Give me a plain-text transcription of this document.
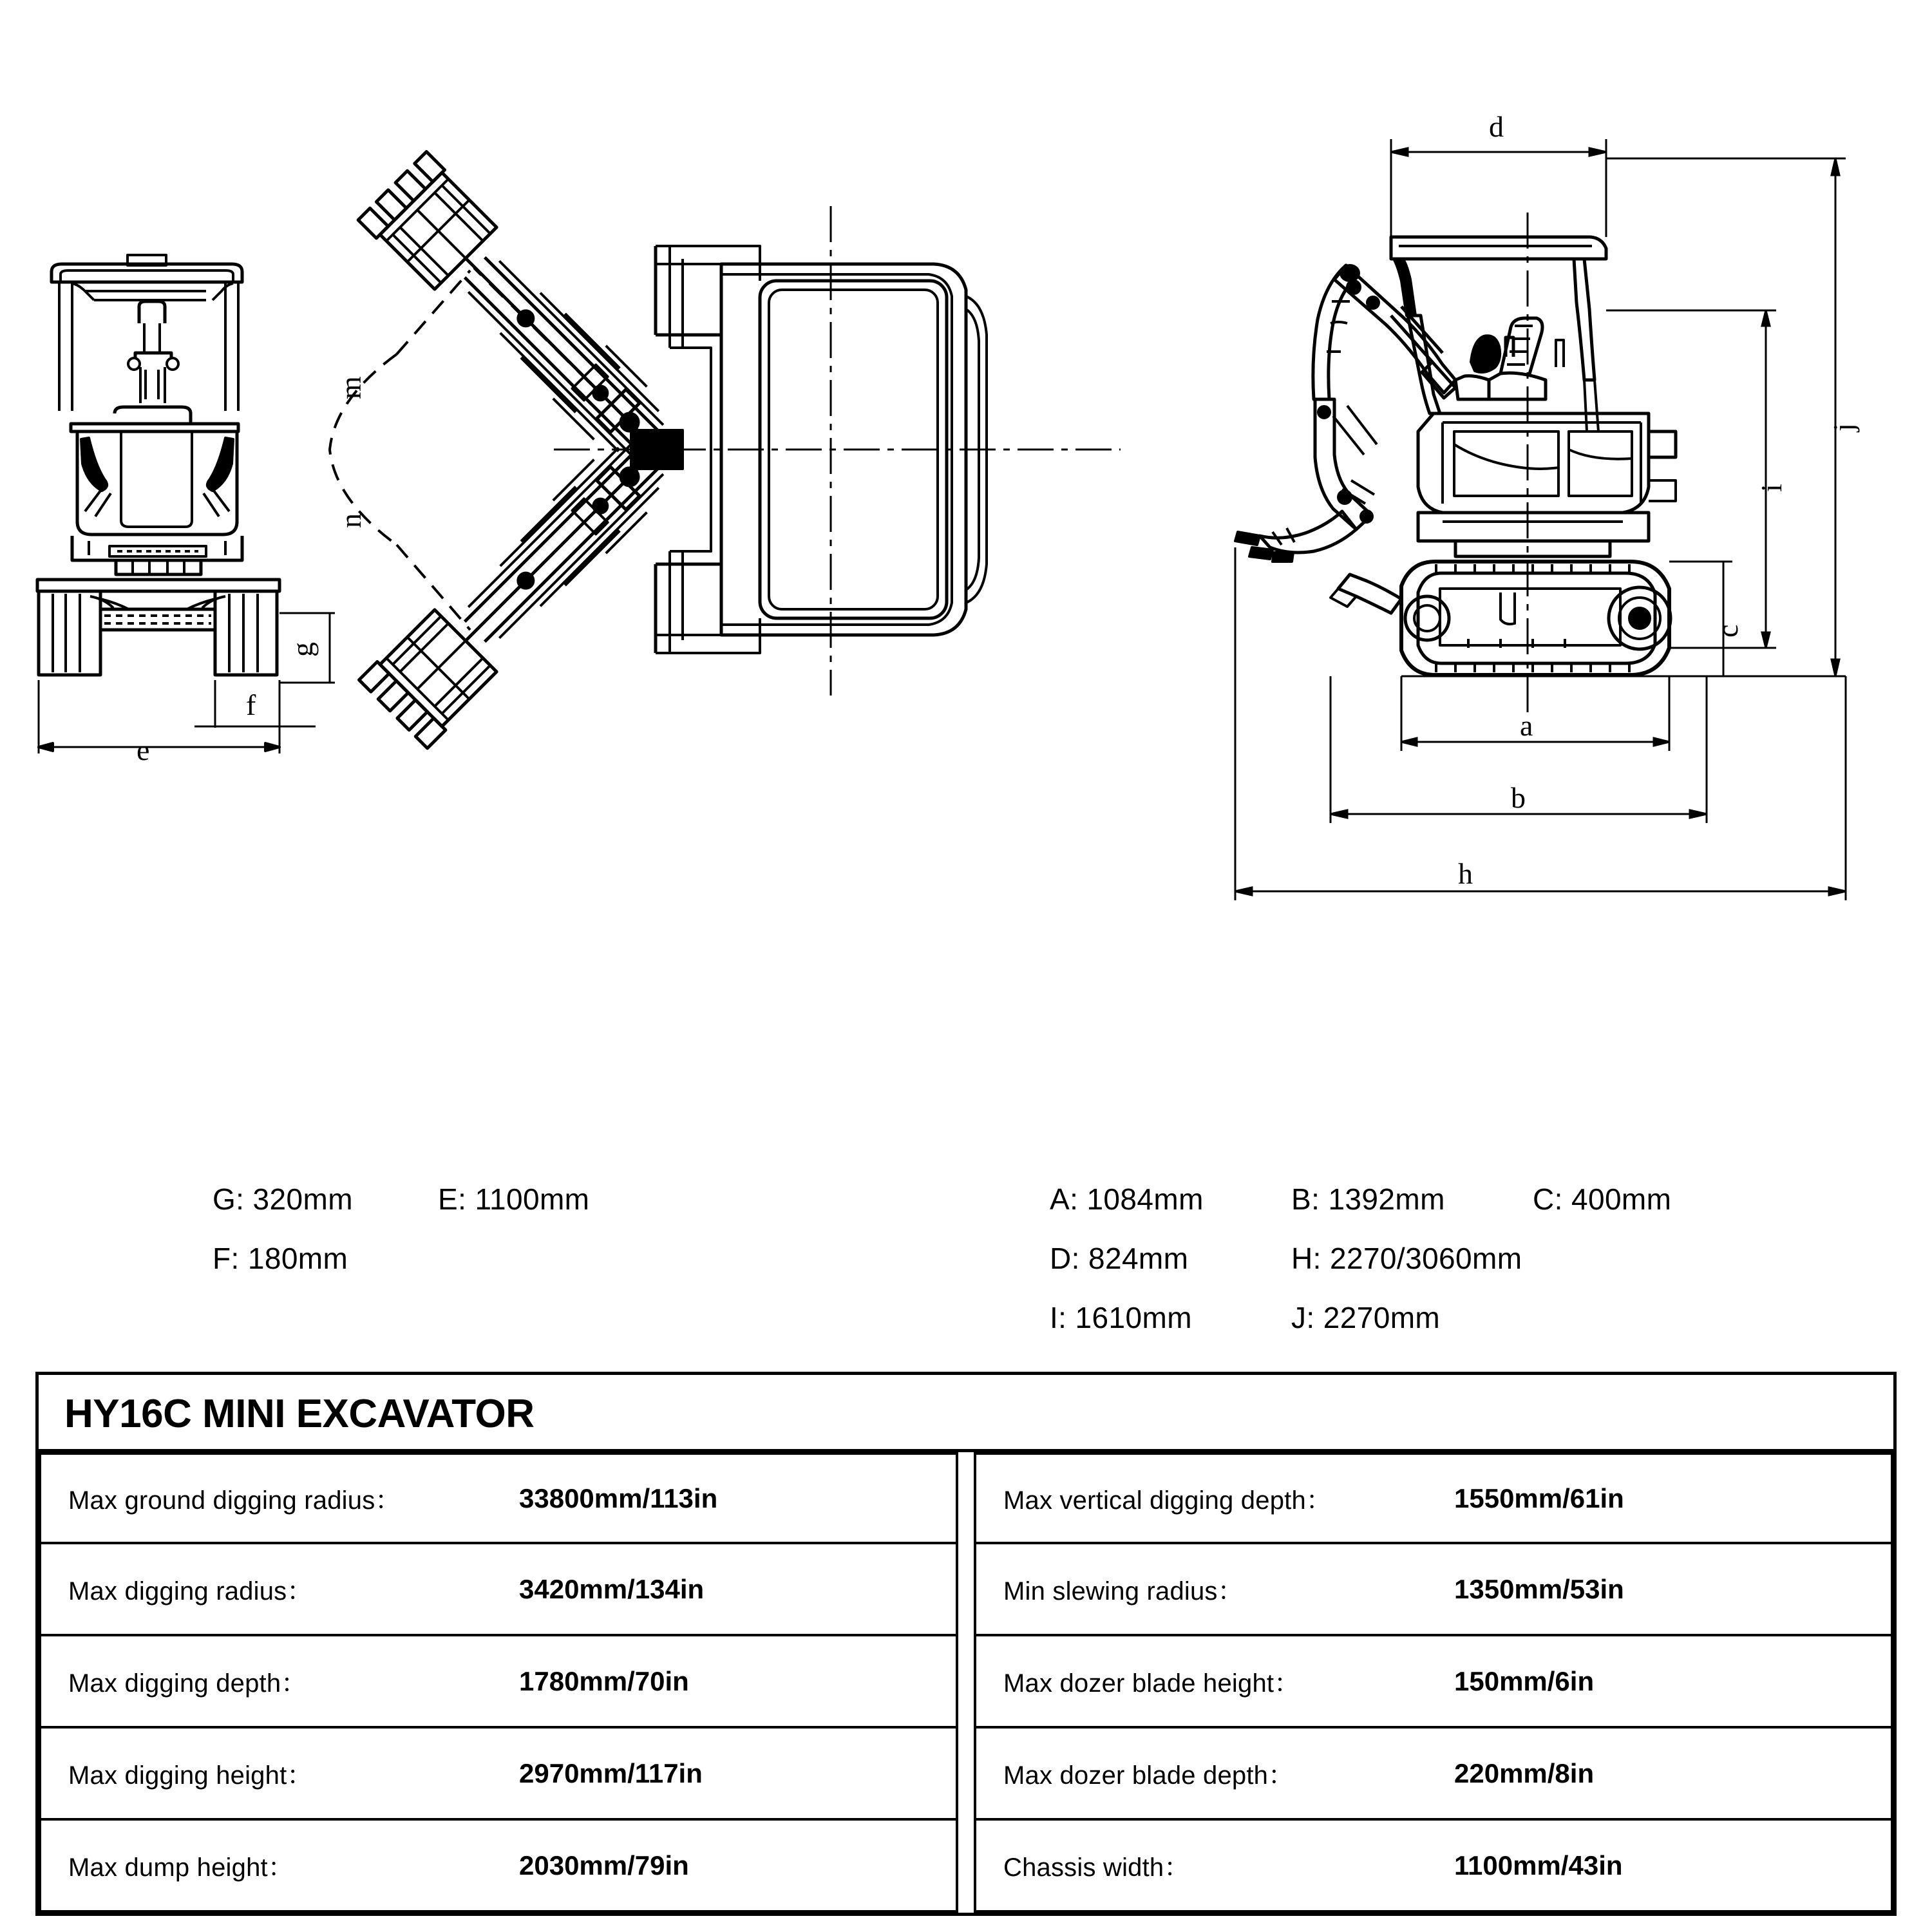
e
f
g
m
n
d
j
i
c
a
b
h
G: 320mm	E: 1100mm
F: 180mm
A: 1084mm	B: 1392mm	C: 400mm
D: 824mm	H: 2270/3060mm
I: 1610mm	J: 2270mm
HY16C MINI EXCAVATOR
Max ground digging radius：	33800mm/113in
Max digging radius：	3420mm/134in
Max digging depth：	1780mm/70in
Max digging height：	2970mm/117in
Max dump height：	2030mm/79in
Max vertical digging depth：	1550mm/61in
Min slewing radius：	1350mm/53in
Max dozer blade height：	150mm/6in
Max dozer blade depth：	220mm/8in
Chassis width：	1100mm/43in
